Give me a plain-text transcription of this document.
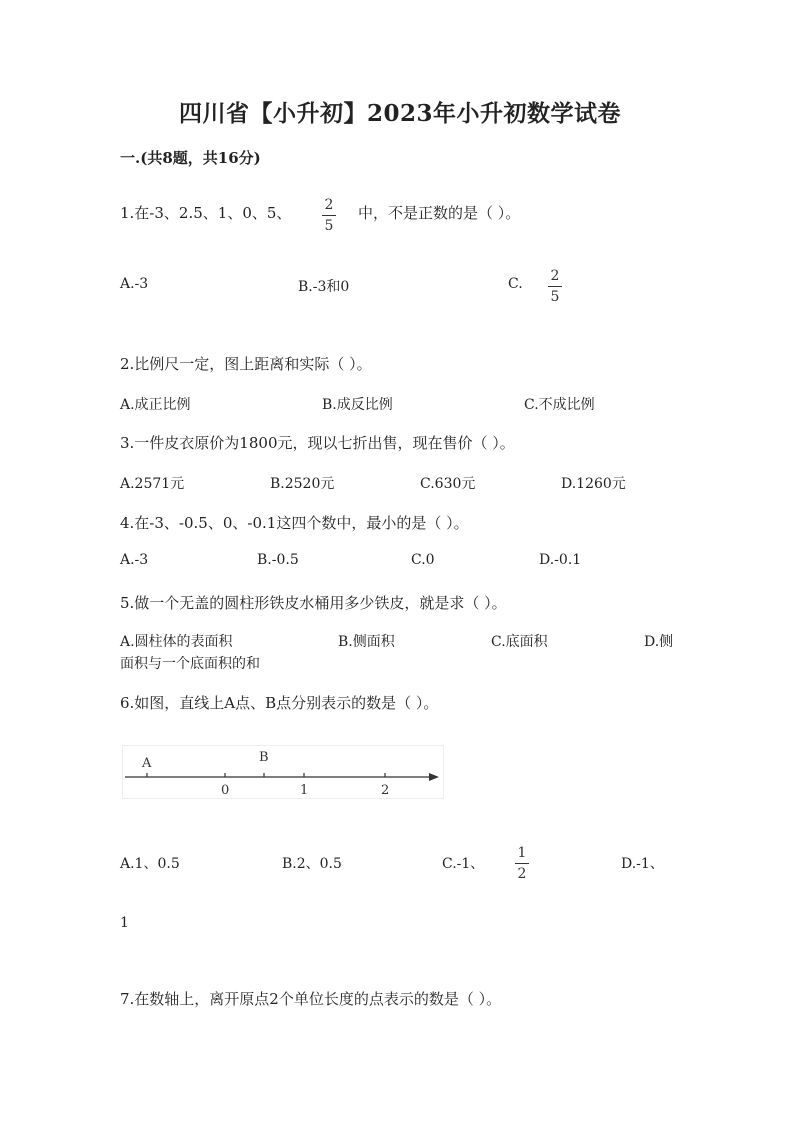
四川省【小升初】2023年小升初数学试卷
一.(共8题，共16分)
1.在-3、2.5、1、0、5、 2
5
中，不是正数的是（ ）。
A.-3	B.-3和0	C. 2
5
2.比例尺一定，图上距离和实际（ ）。
A.成正比例	B.成反比例	C.不成比例
3.一件皮衣原价为1800元，现以七折出售，现在售价（ ）。
A.2571元	B.2520元	C.630元	D.1260元
4.在-3、-0.5、0、-0.1这四个数中，最小的是（ ）。
A.-3	B.-0.5	C.0	D.-0.1
5.做一个无盖的圆柱形铁皮水桶用多少铁皮，就是求（ ）。
A.圆柱体的表面积	B.侧面积	C.底面积	D.侧
面积与一个底面积的和
6.如图，直线上A点、B点分别表示的数是（ ）。
A	B
0	1	2
A.1、0.5	B.2、0.5	C.-1、
1
2
D.-1、
1
7.在数轴上，离开原点2个单位长度的点表示的数是（ ）。
